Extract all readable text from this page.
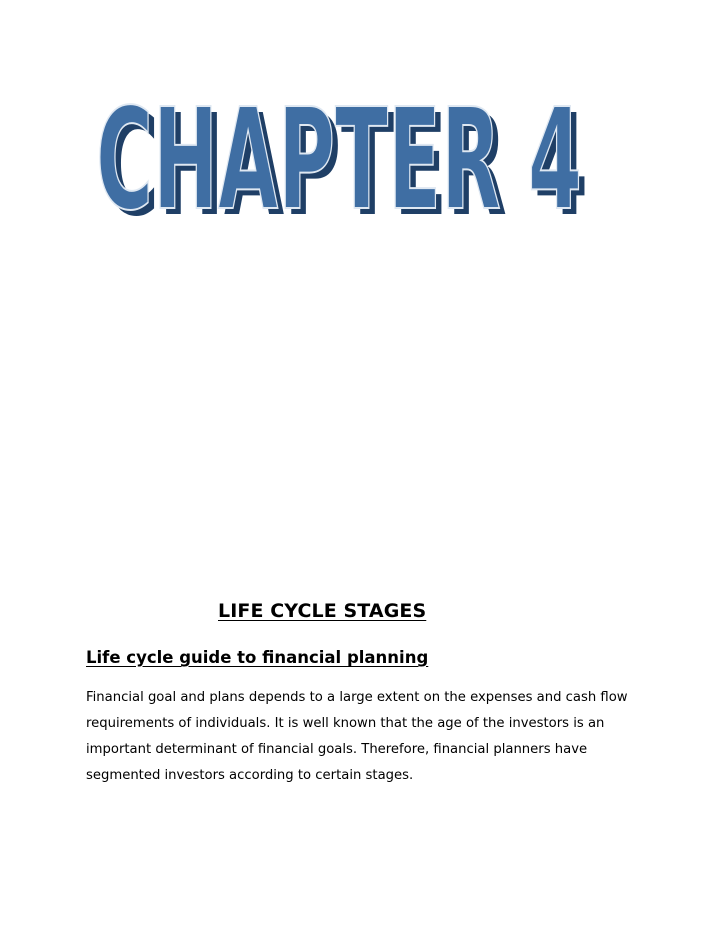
CHAPTER 4
CHAPTER 4
LIFE CYCLE STAGES
Life cycle guide to financial planning

Financial goal and plans depends to a large extent on the expenses and cash flow
requirements of individuals. It is well known that the age of the investors is an
important determinant of financial goals. Therefore, financial planners have
segmented investors according to certain stages.
